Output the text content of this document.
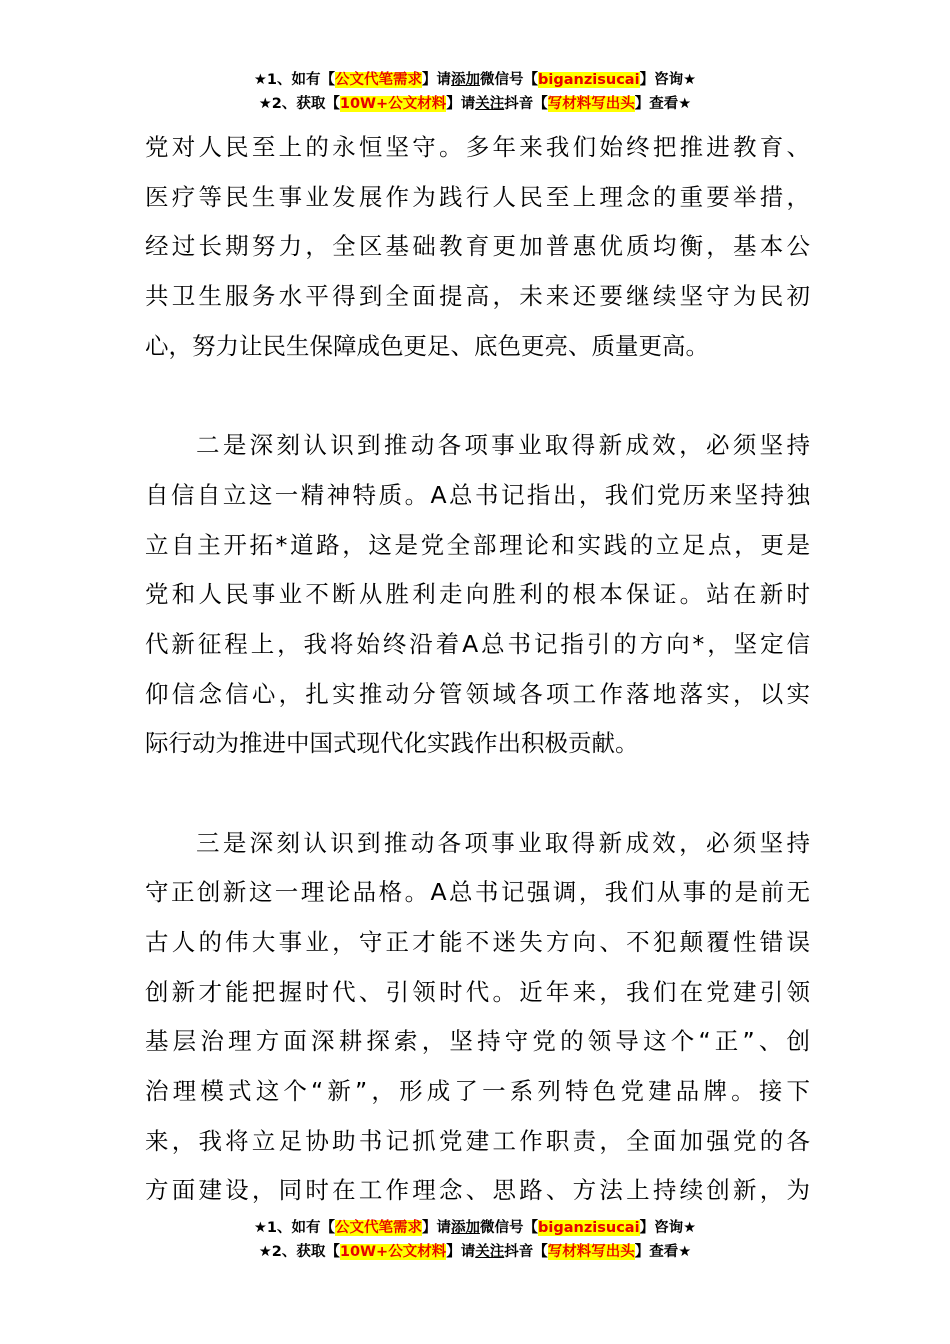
★1、如有【公文代笔需求】请添加微信号【biganzisucai】咨询★
★2、获取【10W+公文材料】请关注抖音【写材料写出头】查看★
党对人民至上的永恒坚守。多年来我们始终把推进教育、
医疗等民生事业发展作为践行人民至上理念的重要举措，
经过长期努力，全区基础教育更加普惠优质均衡，基本公
共卫生服务水平得到全面提高，未来还要继续坚守为民初
心，努力让民生保障成色更足、底色更亮、质量更高。
二是深刻认识到推动各项事业取得新成效，必须坚持
自信自立这一精神特质。A总书记指出，我们党历来坚持独
立自主开拓*道路，这是党全部理论和实践的立足点，更是
党和人民事业不断从胜利走向胜利的根本保证。站在新时
代新征程上，我将始终沿着A总书记指引的方向*，坚定信
仰信念信心，扎实推动分管领域各项工作落地落实，以实
际行动为推进中国式现代化实践作出积极贡献。
三是深刻认识到推动各项事业取得新成效，必须坚持
守正创新这一理论品格。A总书记强调，我们从事的是前无
古人的伟大事业，守正才能不迷失方向、不犯颠覆性错误
创新才能把握时代、引领时代。近年来，我们在党建引领
基层治理方面深耕探索，坚持守党的领导这个“正”、创
治理模式这个“新”，形成了一系列特色党建品牌。接下
来，我将立足协助书记抓党建工作职责，全面加强党的各
方面建设，同时在工作理念、思路、方法上持续创新，为
★1、如有【公文代笔需求】请添加微信号【biganzisucai】咨询★
★2、获取【10W+公文材料】请关注抖音【写材料写出头】查看★
